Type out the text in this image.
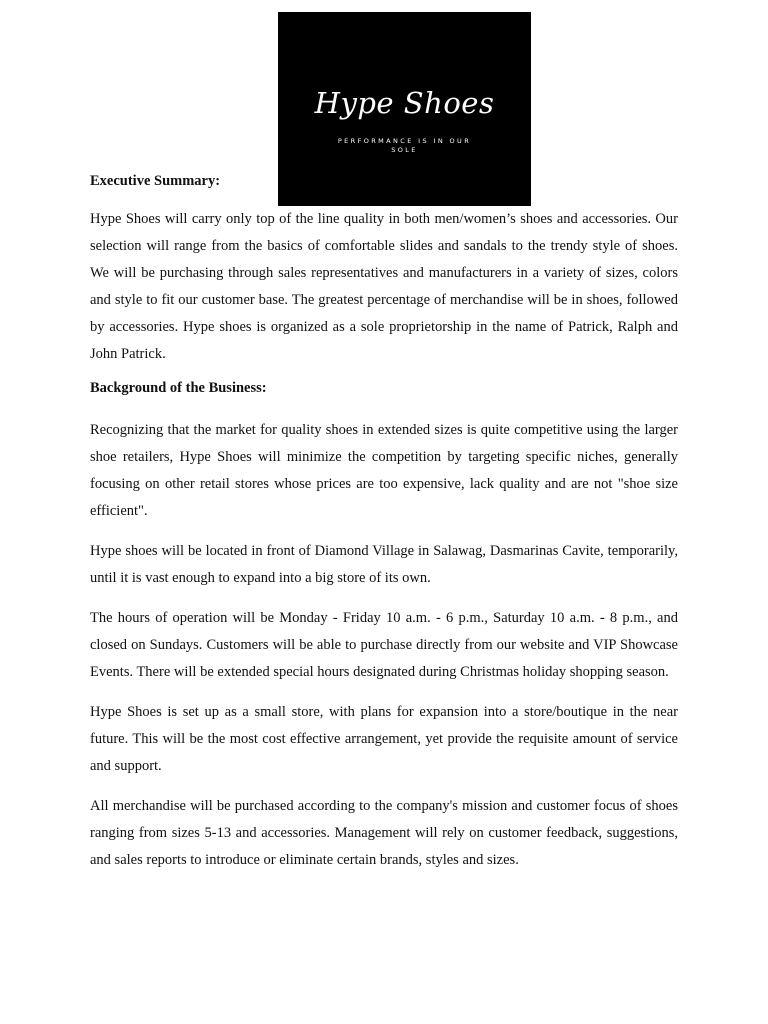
Hype Shoes
PERFORMANCE IS IN OUR SOLE

Executive Summary:

Hype Shoes will carry only top of the line quality in both men/women’s shoes and accessories. Our selection will range from the basics of comfortable slides and sandals to the trendy style of shoes. We will be purchasing through sales representatives and manufacturers in a variety of sizes, colors and style to fit our customer base. The greatest percentage of merchandise will be in shoes, followed by accessories. Hype shoes is organized as a sole proprietorship in the name of Patrick, Ralph and John Patrick.

Background of the Business:

Recognizing that the market for quality shoes in extended sizes is quite competitive using the larger shoe retailers, Hype Shoes will minimize the competition by targeting specific niches, generally focusing on other retail stores whose prices are too expensive, lack quality and are not "shoe size efficient".

Hype shoes will be located in front of Diamond Village in Salawag, Dasmarinas Cavite, temporarily, until it is vast enough to expand into a big store of its own.

The hours of operation will be Monday - Friday 10 a.m. - 6 p.m., Saturday 10 a.m. - 8 p.m., and closed on Sundays. Customers will be able to purchase directly from our website and VIP Showcase Events. There will be extended special hours designated during Christmas holiday shopping season.

Hype Shoes is set up as a small store, with plans for expansion into a store/boutique in the near future. This will be the most cost effective arrangement, yet provide the requisite amount of service and support.

All merchandise will be purchased according to the company's mission and customer focus of shoes ranging from sizes 5-13 and accessories. Management will rely on customer feedback, suggestions, and sales reports to introduce or eliminate certain brands, styles and sizes.
